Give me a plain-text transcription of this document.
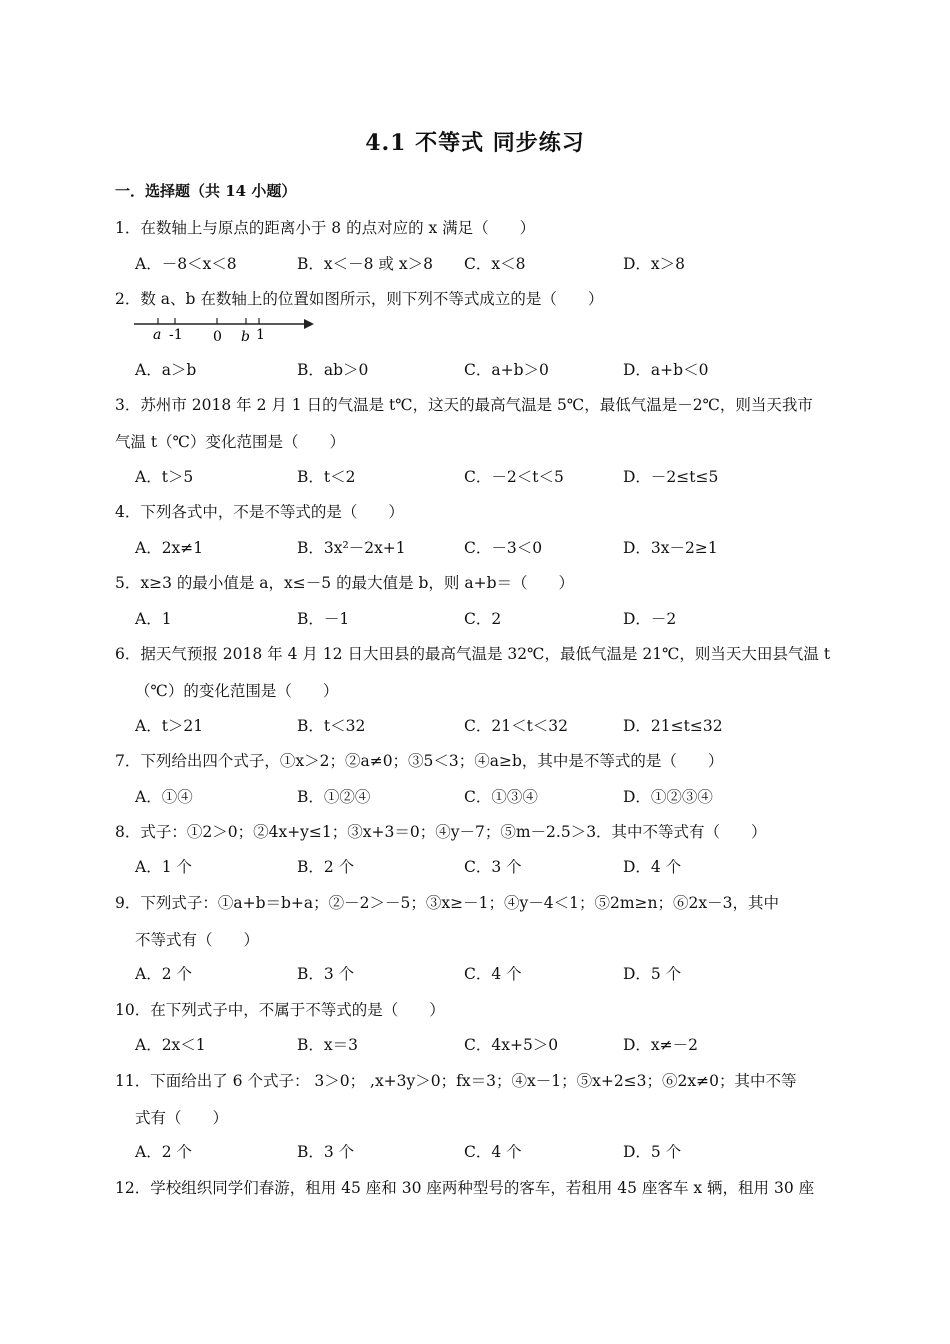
4.1 不等式 同步练习
一．选择题（共 14 小题）
1．在数轴上与原点的距离小于 8 的点对应的 x 满足（　　）
A．－8＜x＜8	B．x＜－8 或 x＞8 C．x＜8	D．x＞8
2．数 a、b 在数轴上的位置如图所示，则下列不等式成立的是（　　）
a -1 0 b 1
A．a＞b	B．ab＞0	C．a+b＞0	D．a+b＜0
3．苏州市 2018 年 2 月 1 日的气温是 t℃，这天的最高气温是 5℃，最低气温是－2℃，则当天我市
气温 t（℃）变化范围是（　　）
A．t＞5	B．t＜2	C．－2＜t＜5	D．－2≤t≤5
4．下列各式中，不是不等式的是（　　）
A．2x≠1	B．3x²－2x+1	C．－3＜0	D．3x－2≥1
5．x≥3 的最小值是 a，x≤－5 的最大值是 b，则 a+b＝（　　）
A．1	B．－1	C．2	D．－2
6．据天气预报 2018 年 4 月 12 日大田县的最高气温是 32℃，最低气温是 21℃，则当天大田县气温 t
（℃）的变化范围是（　　）
A．t＞21	B．t＜32	C．21＜t＜32	D．21≤t≤32
7．下列给出四个式子，①x＞2；②a≠0；③5＜3；④a≥b，其中是不等式的是（　　）
A．①④	B．①②④	C．①③④	D．①②③④
8．式子：①2＞0；②4x+y≤1；③x+3＝0；④y－7；⑤m－2.5＞3．其中不等式有（　　）
A．1 个	B．2 个	C．3 个	D．4 个
9．下列式子：①a+b＝b+a；②－2＞－5；③x≥－1；④y－4＜1；⑤2m≥n；⑥2x－3，其中
不等式有（　　）
A．2 个	B．3 个	C．4 个	D．5 个
10．在下列式子中，不属于不等式的是（　　）
A．2x＜1	B．x＝3	C．4x+5＞0	D．x≠－2
11．下面给出了 6 个式子： 3＞0； ,x+3y＞0；fx＝3；④x－1；⑤x+2≤3；⑥2x≠0；其中不等
式有（　　）
A．2 个	B．3 个	C．4 个	D．5 个
12．学校组织同学们春游，租用 45 座和 30 座两种型号的客车，若租用 45 座客车 x 辆，租用 30 座
